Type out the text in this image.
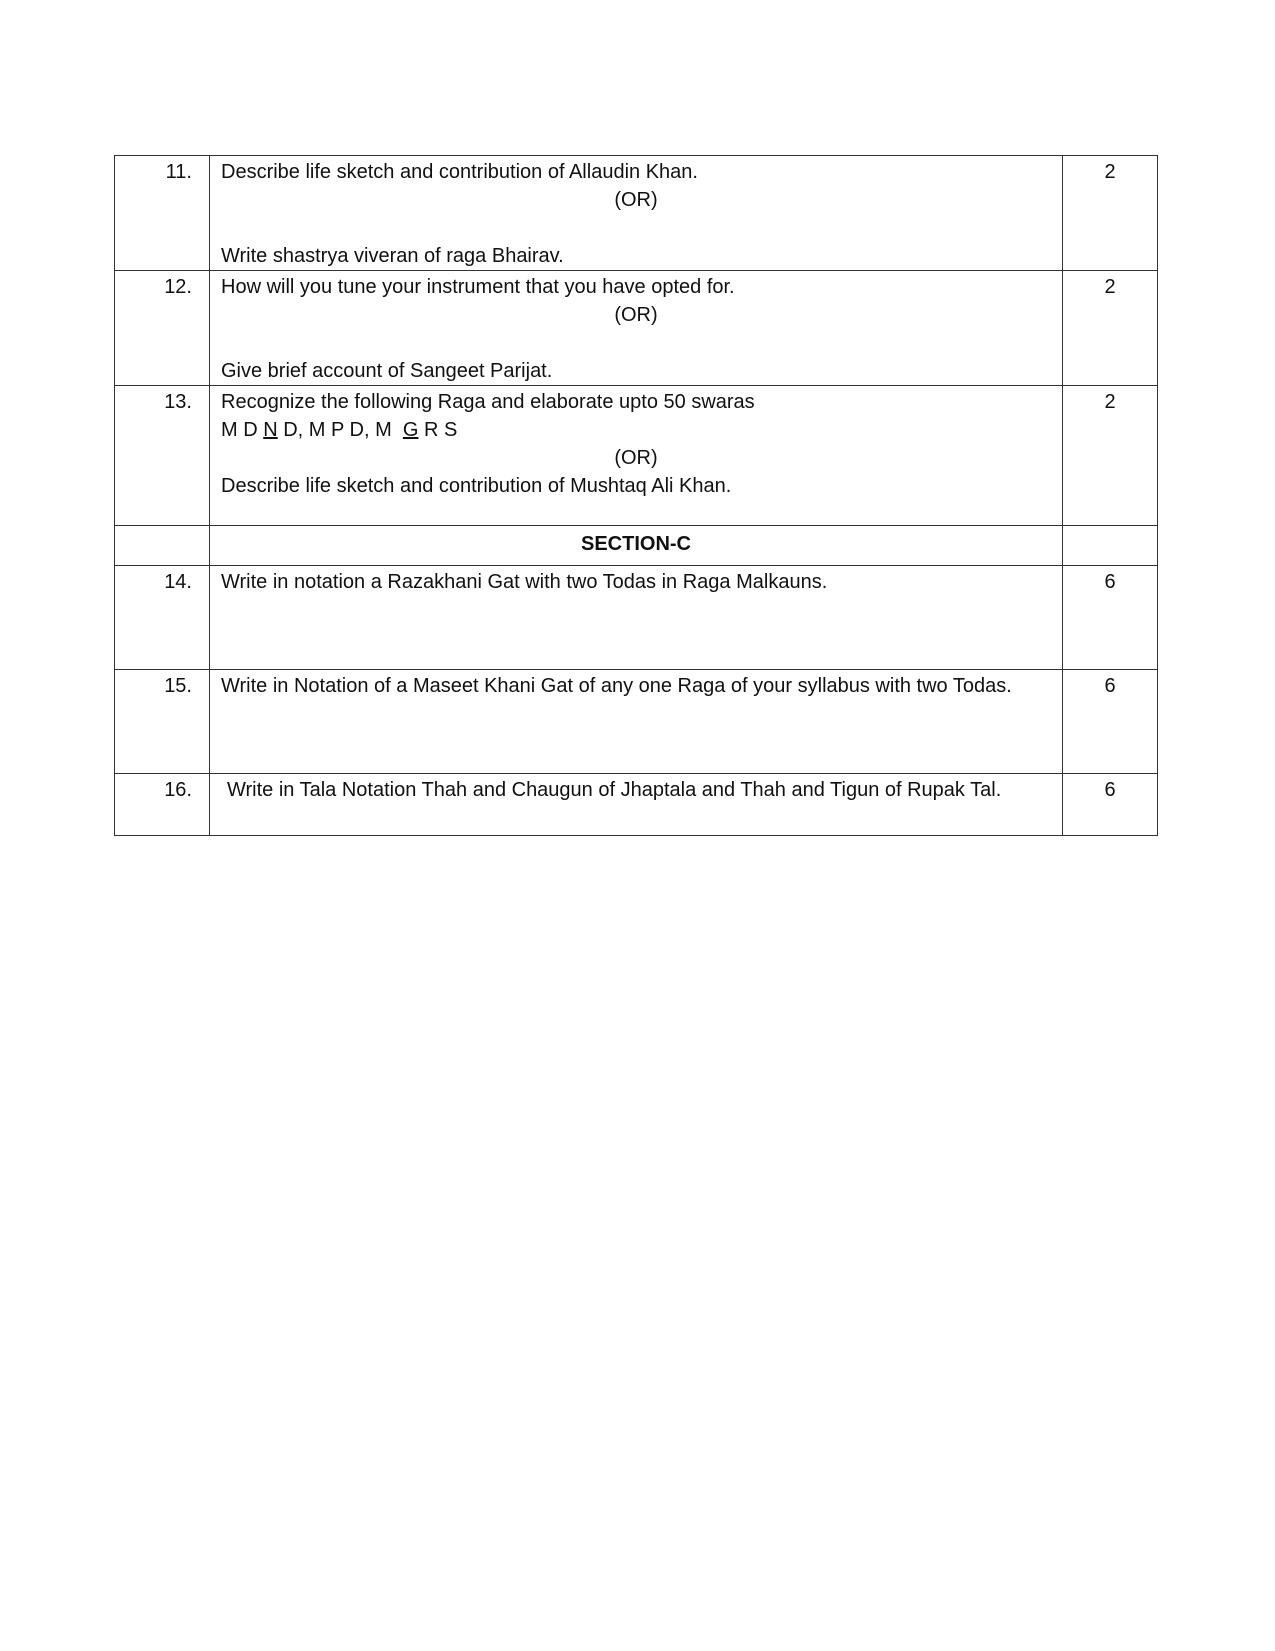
11.	Describe life sketch and contribution of Allaudin Khan.
(OR)
Write shastrya viveran of raga Bhairav.	2
12.	How will you tune your instrument that you have opted for.
(OR)
Give brief account of Sangeet Parijat.	2
13.	Recognize the following Raga and elaborate upto 50 swaras
M D N D, M P D, M  G R S
(OR)
Describe life sketch and contribution of Mushtaq Ali Khan.	2

	SECTION-C	

14.	Write in notation a Razakhani Gat with two Todas in Raga Malkauns.	6
15.	Write in Notation of a Maseet Khani Gat of any one Raga of your syllabus with two Todas.	6
16.	Write in Tala Notation Thah and Chaugun of Jhaptala and Thah and Tigun of Rupak Tal.	6
